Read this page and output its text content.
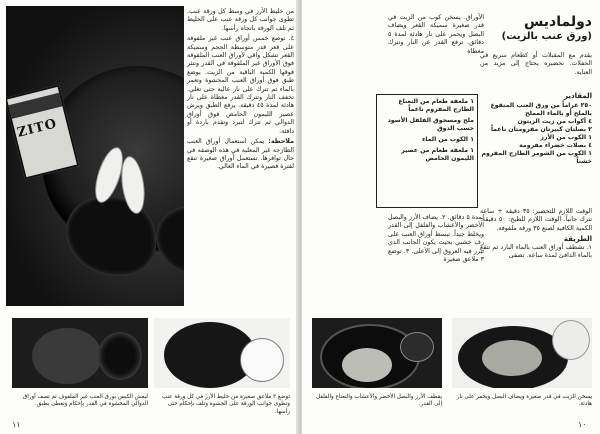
ZITO

من خليط الأرز في وسط كل ورقة عنب. تطوى جوانب كل ورقة عنب على الخليط ثم تلف الورقة باتجاه رأسها.

٤. توضع خمس أوراق عنب غير ملفوفة على قعر قدر متوسطة الحجم وسميكة القعر تشكل واقي لأوراق العنب الملفوفة فوق الأوراق غير الملفوفة في القدر وتنثر فوقها الكمية الباقية من الزيت. يوضع طبق فوق أوراق العنب المحشوة وتغمر بالماء ثم تترك على نار عالية حتى تغلي. تخفف النار وتترك القدر مغطاة على نار هادئة لمدة ٤٥ دقيقة. يرفع الطبق ويرش عصير الليمون الحامض فوق أوراق الدوالي ثم تترك لتبرد وتقدم باردة أو دافئة.

ملاحظة: يمكن استعمال أوراق العنب الطازجة غير المعلبة في هذه الوصفة في حال توافرها. تستعمل أوراق صغيرة تنقع لفترة قصيرة في الماء الغالي.

ليعش الكيس بورق العنب غير الملفوف ثم تصف أوراق الدوالي المحشوة في القدر بإحكام وتغطى بطبق.
توضع ٣ ملاعق صغيرة من خليط الأرز في كل ورقة عنب وتطوى جوانب الورقة على الحشوة وتلف بإحكام حتى رأسها.
١١
دولماديس
(ورق عنب بالزيت)

يقدم مع المقبلات أو كطعام سريع في الحفلات. تحضيره يحتاج إلى مزيد من العناية.

الأوراق. يسخن كوب من الزيت في قدر صغيرة سميكة القعر ويضاف البصل ويحمر على نار هادئة لمدة ٥ دقائق. ترفع القدر عن النار وتترك مغطاة

المقادير
٢٥٠ غراماً من ورق العنب المنقوع بالملح أو بالماء المملح
٤ أكواب من زيت الزيتون
٢ بصلتان كبيرتان مفرومتان ناعماً
١ الكوب من الأرز
٤ بصلات خضراء مفرومة
١ الكوب من الشومر الطازج المفروم خشناً
١ ملعقة طعام من النعناع الطازج المفروم ناعماً
ملح ومسحوق الفلفل الأسود حسب الذوق
١ الكوب من الماء
١ ملعقة طعام من عصير الليمون الحامض

الوقت اللازم للتحضير: ٣٥ دقيقة + ساعة تترك جانباً. الوقت اللازم للطبخ: ٥٠ دقيقة. الكمية الكافية لصنع ٣٥ ورقة ملفوفة.

الطريقة

١. تشطف أوراق العنب بالماء البارد ثم تنقع بالماء الدافئ لمدة ساعة. تصفى

لمدة ٥ دقائق. ٢. يضاف الأرز والبصل الأخضر والأعشاب والفلفل إلى القدر ويخلط جيداً. تبسط أوراق العنب على رف خشبي بحيث يكون الجانب الذي تبرز فيه العروق إلى الأعلى. ٣. توضع ٣ ملاعق صغيرة

يقطف الأرز والبصل الأخضر والأعشاب والنعناع والفلفل إلى القدر.
يسخن الزيت في قدر صغيرة ويضاف البصل ويحمر على نار هادئة.
١٠
